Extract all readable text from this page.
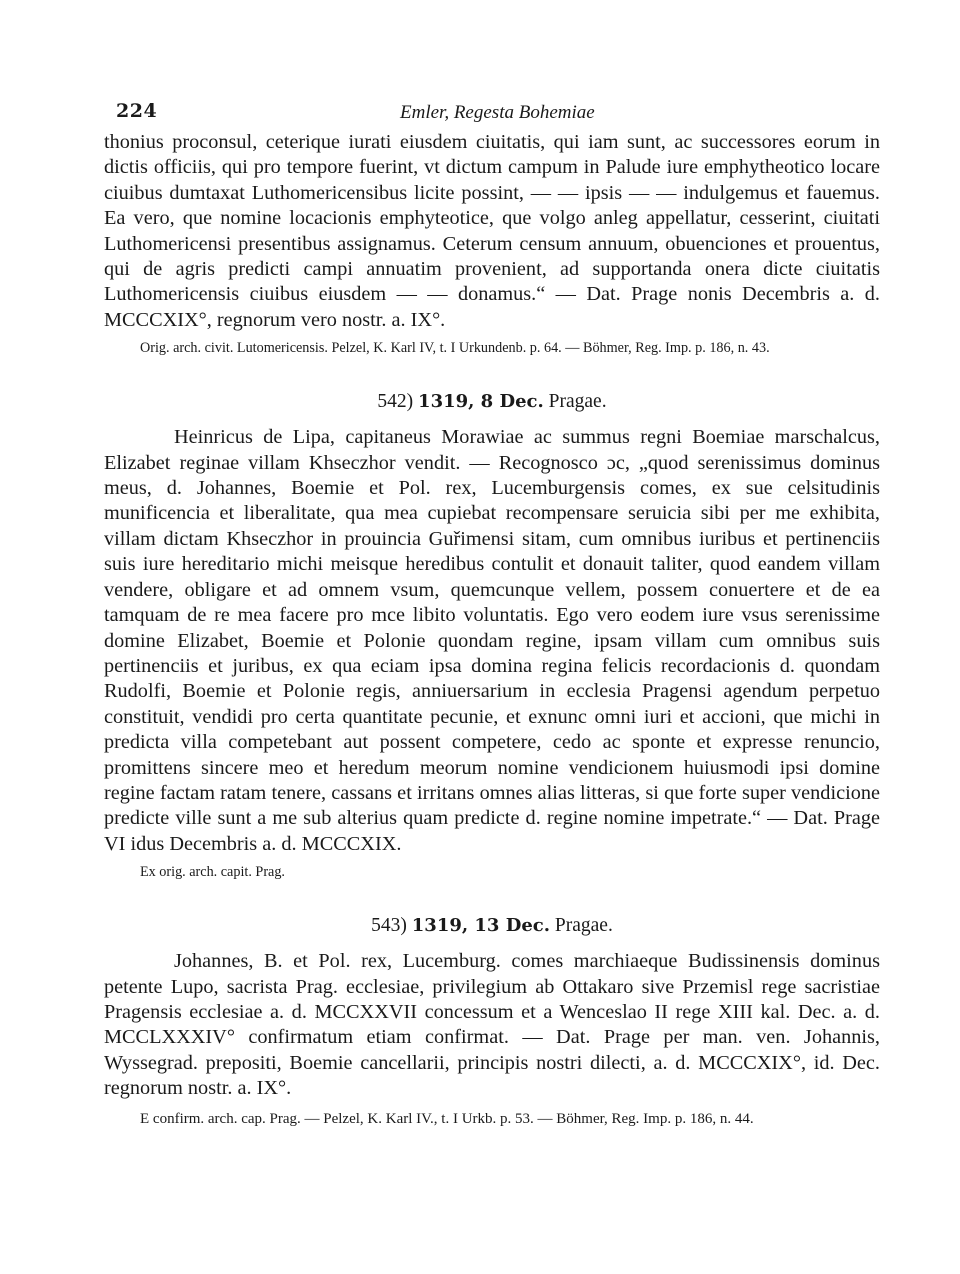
224	Emler, Regesta Bohemiae

thonius proconsul, ceterique iurati eiusdem ciuitatis, qui iam sunt, ac successores eorum in dictis officiis, qui pro tempore fuerint, vt dictum campum in Palude iure emphytheotico locare ciuibus dumtaxat Luthomericensibus licite possint, — — ipsis — — indulgemus et fauemus. Ea vero, que nomine locacionis emphyteotice, que volgo anleg appellatur, cesserint, ciuitati Luthomericensi presentibus assignamus. Ceterum censum annuum, obuenciones et prouentus, qui de agris predicti campi annuatim provenient, ad supportanda onera dicte ciuitatis Luthomericensis ciuibus eiusdem — — donamus.“ — Dat. Prage nonis Decembris a. d. MCCCXIX°, regnorum vero nostr. a. IX°.

Orig. arch. civit. Lutomericensis. Pelzel, K. Karl IV, t. I Urkundenb. p. 64. — Böhmer, Reg. Imp. p. 186, n. 43.

542) 1319, 8 Dec. Pragae.

Heinricus de Lipa, capitaneus Morawiae ac summus regni Boemiae marschalcus, Elizabet reginae villam Khseczhor vendit. — Recognosco ɔc, „quod serenissimus dominus meus, d. Johannes, Boemie et Pol. rex, Lucemburgensis comes, ex sue celsitudinis munificencia et liberalitate, qua mea cupiebat recompensare seruicia sibi per me exhibita, villam dictam Khseczhor in prouincia Guřimensi sitam, cum omnibus iuribus et pertinenciis suis iure hereditario michi meisque heredibus contulit et donauit taliter, quod eandem villam vendere, obligare et ad omnem vsum, quemcunque vellem, possem conuertere et de ea tamquam de re mea facere pro mce libito voluntatis. Ego vero eodem iure vsus serenissime domine Elizabet, Boemie et Polonie quondam regine, ipsam villam cum omnibus suis pertinenciis et juribus, ex qua eciam ipsa domina regina felicis recordacionis d. quondam Rudolfi, Boemie et Polonie regis, anniuersarium in ecclesia Pragensi agendum perpetuo constituit, vendidi pro certa quantitate pecunie, et exnunc omni iuri et accioni, que michi in predicta villa competebant aut possent competere, cedo ac sponte et expresse renuncio, promittens sincere meo et heredum meorum nomine vendicionem huiusmodi ipsi domine regine factam ratam tenere, cassans et irritans omnes alias litteras, si que forte super vendicione predicte ville sunt a me sub alterius quam predicte d. regine nomine impetrate.“ — Dat. Prage VI idus Decembris a. d. MCCCXIX.

Ex orig. arch. capit. Prag.

543) 1319, 13 Dec. Pragae.

Johannes, B. et Pol. rex, Lucemburg. comes marchiaeque Budissinensis dominus petente Lupo, sacrista Prag. ecclesiae, privilegium ab Ottakaro sive Przemisl rege sacristiae Pragensis ecclesiae a. d. MCCXXVII concessum et a Wenceslao II rege XIII kal. Dec. a. d. MCCLXXXIV° confirmatum etiam confirmat. — Dat. Prage per man. ven. Johannis, Wyssegrad. prepositi, Boemie cancellarii, principis nostri dilecti, a. d. MCCCXIX°, id. Dec. regnorum nostr. a. IX°.

E confirm. arch. cap. Prag. — Pelzel, K. Karl IV., t. I Urkb. p. 53. — Böhmer, Reg. Imp. p. 186, n. 44.
